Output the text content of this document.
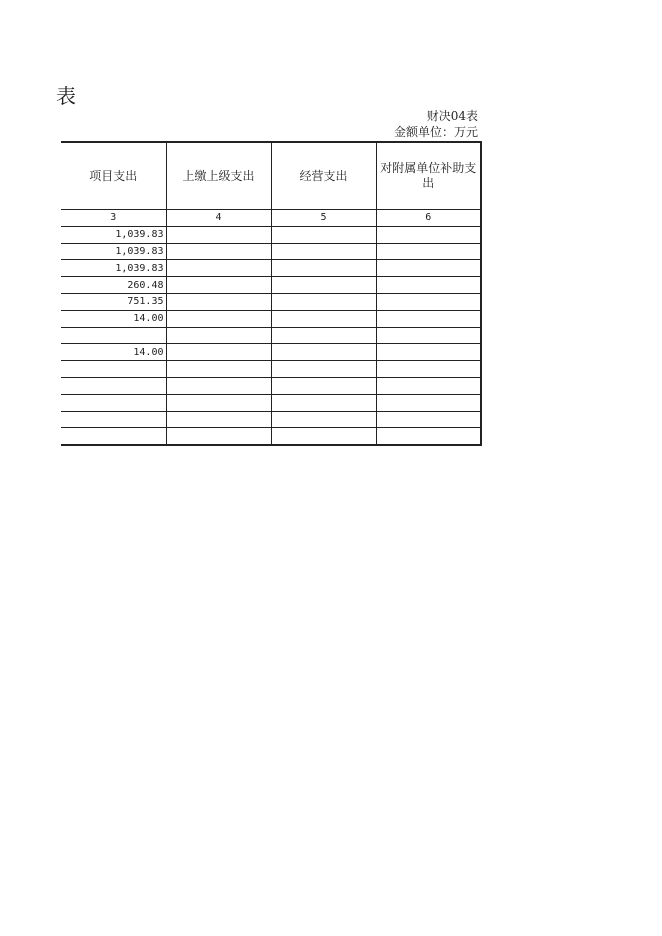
表
财决04表
金额单位：万元
项目支出	上缴上级支出	经营支出	对附属单位补助支出
3	4	5	6
1,039.83			
1,039.83			
1,039.83			
260.48			
751.35			
14.00			

14.00			
